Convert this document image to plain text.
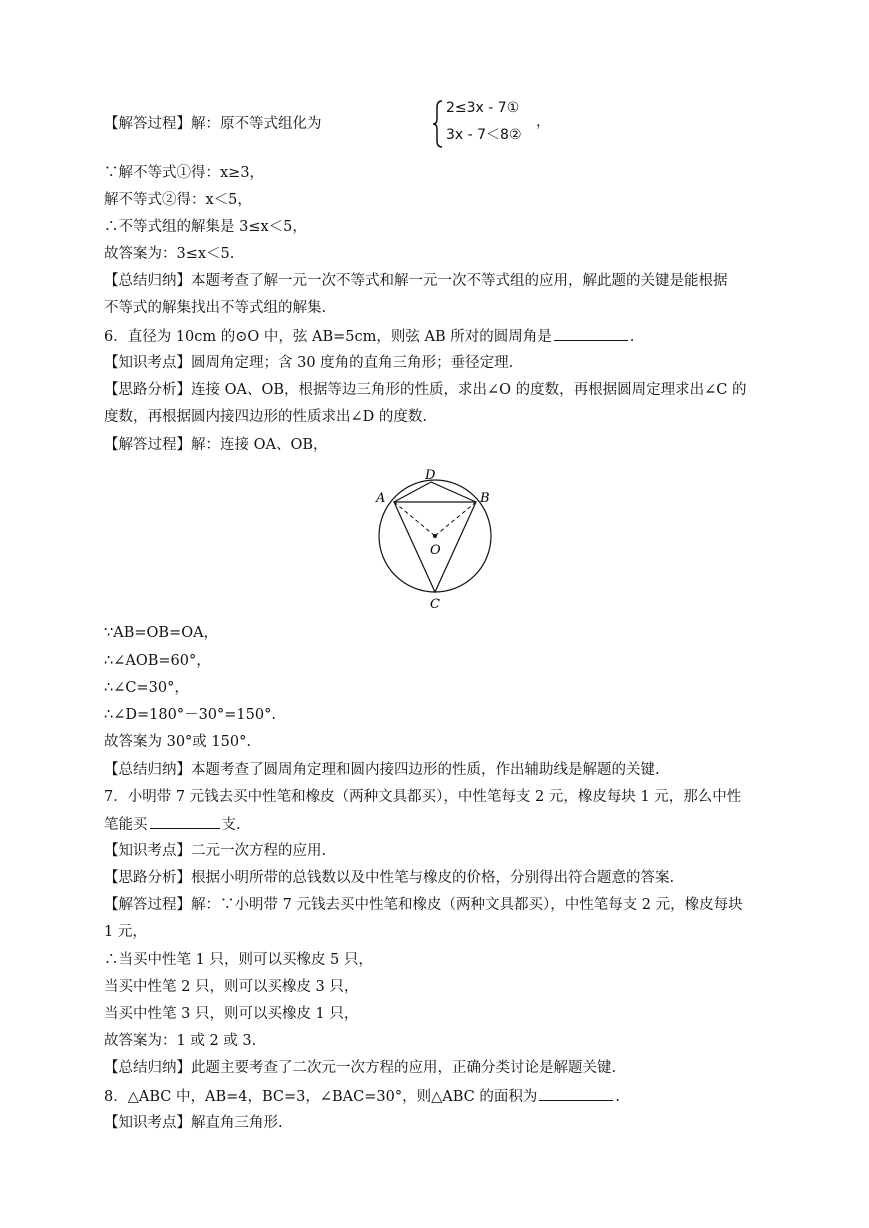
【解答过程】解：原不等式组化为
2≤3x - 7①
3x - 7＜8②
，
∵解不等式①得：x≥3，
解不等式②得：x＜5，
∴不等式组的解集是 3≤x＜5，
故答案为：3≤x＜5.
【总结归纳】本题考查了解一元一次不等式和解一元一次不等式组的应用，解此题的关键是能根据
不等式的解集找出不等式组的解集.
6．直径为 10cm 的⊙O 中，弦 AB=5cm，则弦 AB 所对的圆周角是	.
【知识考点】圆周角定理；含 30 度角的直角三角形；垂径定理.
【思路分析】连接 OA、OB，根据等边三角形的性质，求出∠O 的度数，再根据圆周定理求出∠C 的
度数，再根据圆内接四边形的性质求出∠D 的度数.
【解答过程】解：连接 OA、OB，
A	B
D
O
C
∵AB=OB=OA，
∴∠AOB=60°，
∴∠C=30°，
∴∠D=180°－30°=150°.
故答案为 30°或 150°.
【总结归纳】本题考查了圆周角定理和圆内接四边形的性质，作出辅助线是解题的关键.
7．小明带 7 元钱去买中性笔和橡皮（两种文具都买），中性笔每支 2 元，橡皮每块 1 元，那么中性
笔能买	支.
【知识考点】二元一次方程的应用.
【思路分析】根据小明所带的总钱数以及中性笔与橡皮的价格，分别得出符合题意的答案.
【解答过程】解：∵小明带 7 元钱去买中性笔和橡皮（两种文具都买），中性笔每支 2 元，橡皮每块
1 元，
∴当买中性笔 1 只，则可以买橡皮 5 只，
当买中性笔 2 只，则可以买橡皮 3 只，
当买中性笔 3 只，则可以买橡皮 1 只，
故答案为：1 或 2 或 3.
【总结归纳】此题主要考查了二次元一次方程的应用，正确分类讨论是解题关键.
8．△ABC 中，AB=4，BC=3，∠BAC=30°，则△ABC 的面积为	.
【知识考点】解直角三角形.
